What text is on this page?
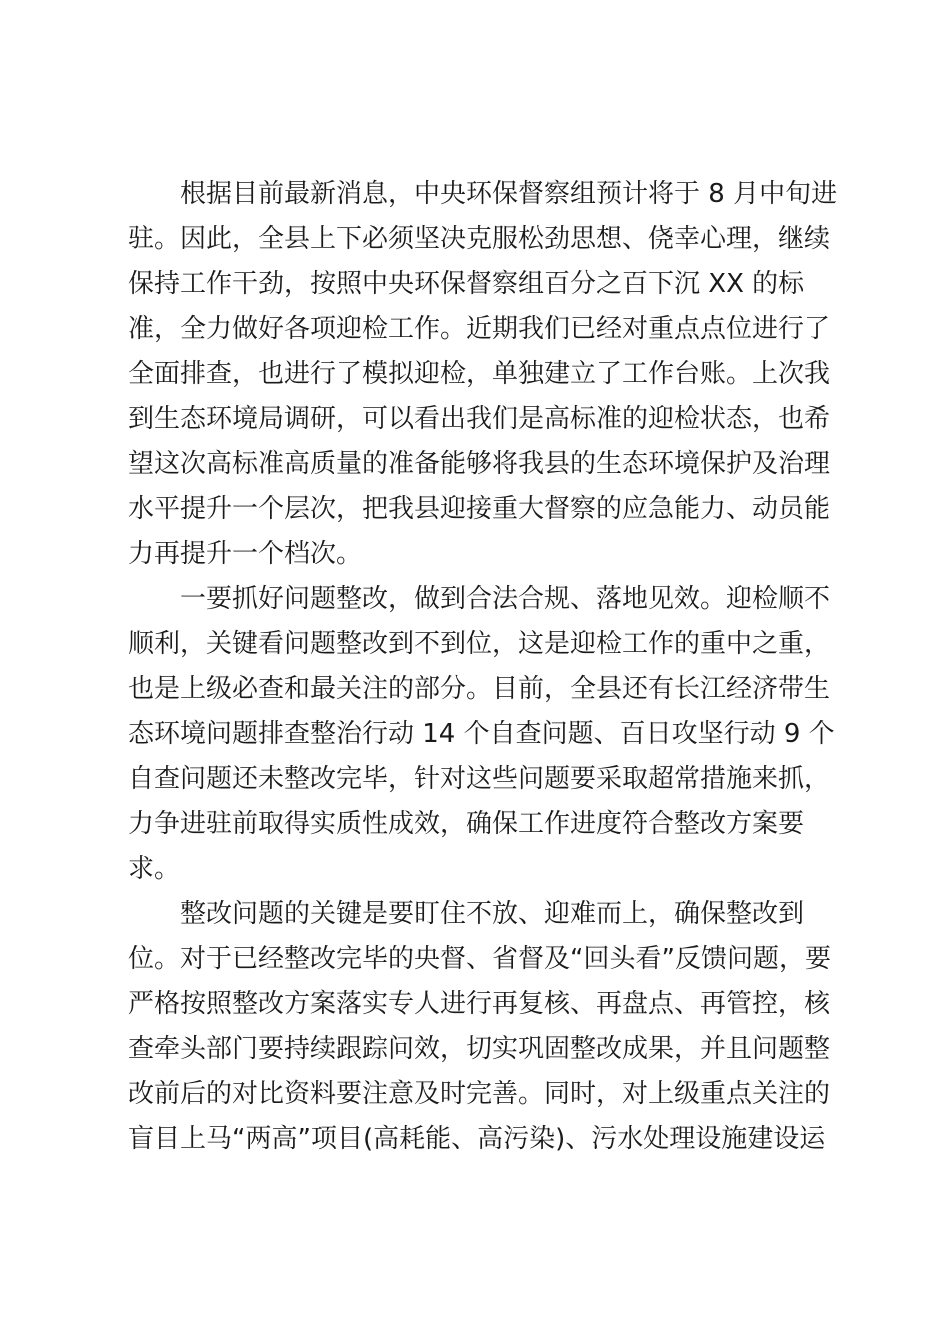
根据目前最新消息，中央环保督察组预计将于 8 月中旬进
驻。因此，全县上下必须坚决克服松劲思想、侥幸心理，继续
保持工作干劲，按照中央环保督察组百分之百下沉 XX 的标
准，全力做好各项迎检工作。近期我们已经对重点点位进行了
全面排查，也进行了模拟迎检，单独建立了工作台账。上次我
到生态环境局调研，可以看出我们是高标准的迎检状态，也希
望这次高标准高质量的准备能够将我县的生态环境保护及治理
水平提升一个层次，把我县迎接重大督察的应急能力、动员能
力再提升一个档次。
一要抓好问题整改，做到合法合规、落地见效。迎检顺不
顺利，关键看问题整改到不到位，这是迎检工作的重中之重，
也是上级必查和最关注的部分。目前，全县还有长江经济带生
态环境问题排查整治行动 14 个自查问题、百日攻坚行动 9 个
自查问题还未整改完毕，针对这些问题要采取超常措施来抓，
力争进驻前取得实质性成效，确保工作进度符合整改方案要
求。
整改问题的关键是要盯住不放、迎难而上，确保整改到
位。对于已经整改完毕的央督、省督及“回头看”反馈问题，要
严格按照整改方案落实专人进行再复核、再盘点、再管控，核
查牵头部门要持续跟踪问效，切实巩固整改成果，并且问题整
改前后的对比资料要注意及时完善。同时，对上级重点关注的
盲目上马“两高”项目(高耗能、高污染)、污水处理设施建设运
